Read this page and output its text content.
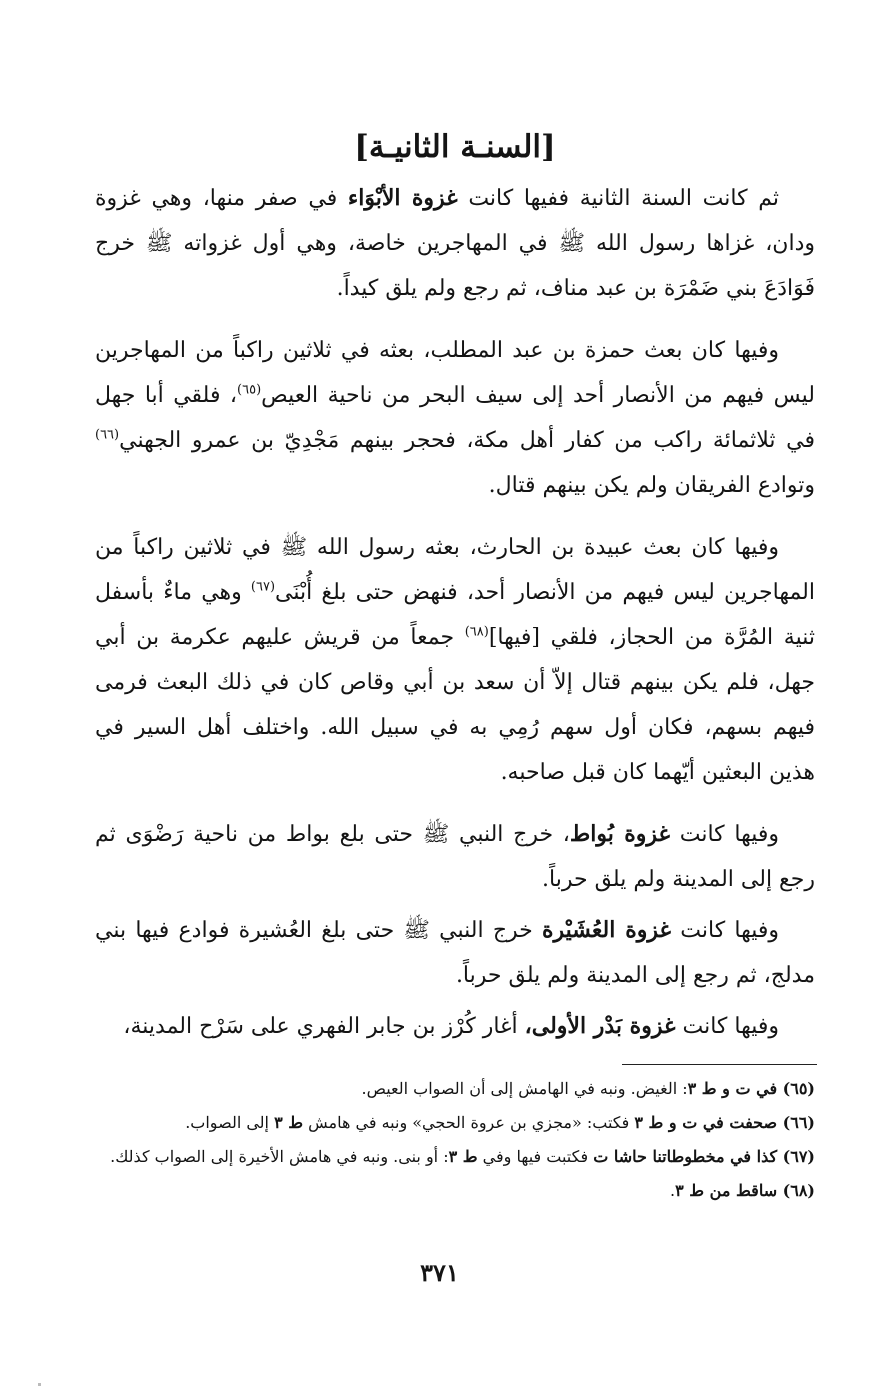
[السنـة الثانيـة]

ثم كانت السنة الثانية ففيها كانت غزوة الأبْوَاء في صفر منها، وهي غزوة ودان، غزاها رسول الله ﷺ في المهاجرين خاصة، وهي أول غزواته ﷺ خرج فَوَادَعَ بني ضَمْرَة بن عبد مناف، ثم رجع ولم يلق كيداً.

وفيها كان بعث حمزة بن عبد المطلب، بعثه في ثلاثين راكباً من المهاجرين ليس فيهم من الأنصار أحد إلى سيف البحر من ناحية العيص$^{(٦٥)}$، فلقي أبا جهل في ثلاثمائة راكب من كفار أهل مكة، فحجر بينهم مَجْدِيّ بن عمرو الجهني$^{(٦٦)}$ وتوادع الفريقان ولم يكن بينهم قتال.

وفيها كان بعث عبيدة بن الحارث، بعثه رسول الله ﷺ في ثلاثين راكباً من المهاجرين ليس فيهم من الأنصار أحد، فنهض حتى بلغ أُبْنَى$^{(٦٧)}$ وهي ماءٌ بأسفل ثنية المُرَّة من الحجاز، فلقي [فيها]$^{(٦٨)}$ جمعاً من قريش عليهم عكرمة بن أبي جهل، فلم يكن بينهم قتال إلاّ أن سعد بن أبي وقاص كان في ذلك البعث فرمى فيهم بسهم، فكان أول سهم رُمِي به في سبيل الله. واختلف أهل السير في هذين البعثين أيّهما كان قبل صاحبه.

وفيها كانت غزوة بُواط، خرج النبي ﷺ حتى بلع بواط من ناحية رَضْوَى ثم رجع إلى المدينة ولم يلق حرباً.

وفيها كانت غزوة العُشَيْرة خرج النبي ﷺ حتى بلغ العُشيرة فوادع فيها بني مدلج، ثم رجع إلى المدينة ولم يلق حرباً.

وفيها كانت غزوة بَدْر الأولى، أغار كُرْز بن جابر الفهري على سَرْح المدينة،

(٦٥) في ت و ط ٣: الغيض. ونبه في الهامش إلى أن الصواب العيص.
(٦٦) صحفت في ت و ط ٣ فكتب: «مجزي بن عروة الحجي» ونبه في هامش ط ٣ إلى الصواب.
(٦٧) كذا في مخطوطاتنا حاشا ت فكتبت فيها وفي ط ٣: أو بنى. ونبه في هامش الأخيرة إلى الصواب كذلك.
(٦٨) ساقط من ط ٣.
٣٧١
